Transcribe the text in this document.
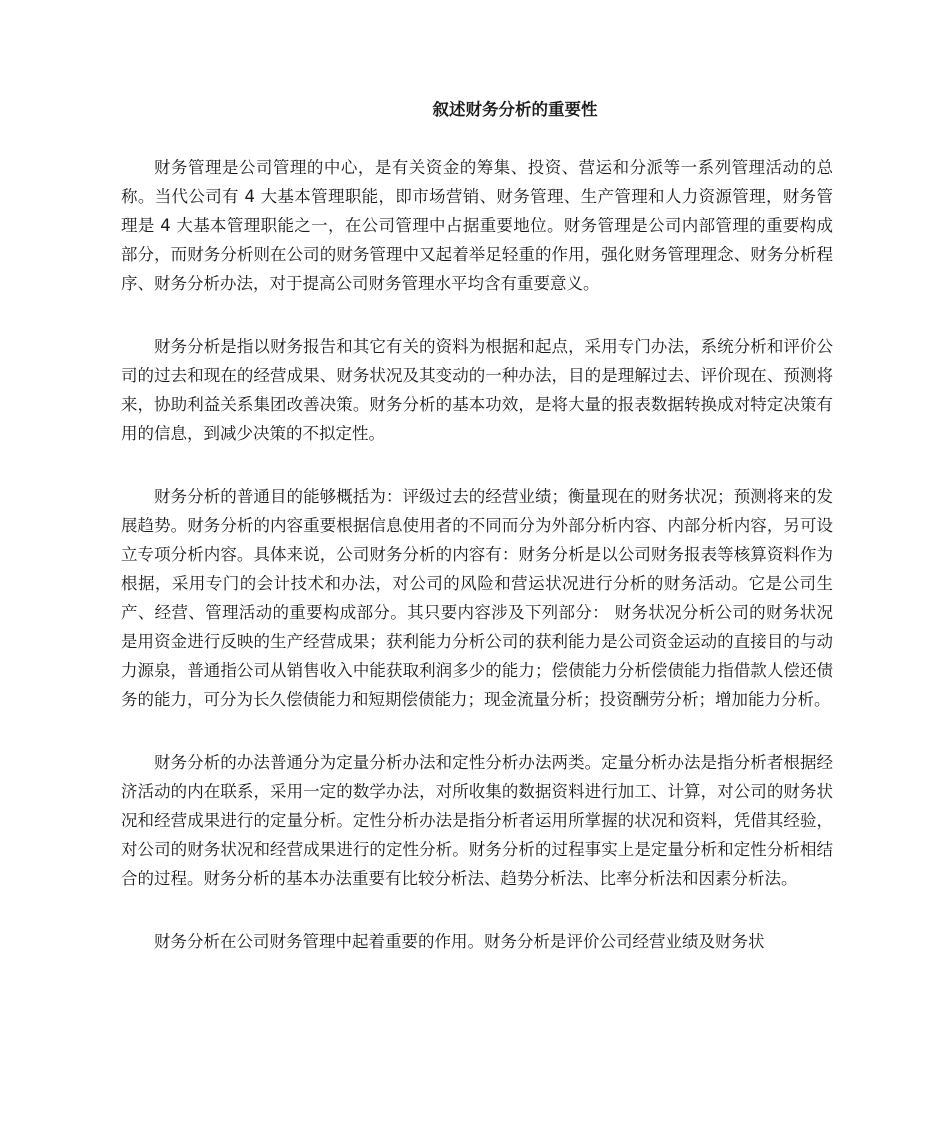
叙述财务分析的重要性

财务管理是公司管理的中心，是有关资金的筹集、投资、营运和分派等一系列管理活动的总称。当代公司有 4 大基本管理职能，即市场营销、财务管理、生产管理和人力资源管理，财务管理是 4 大基本管理职能之一，在公司管理中占据重要地位。财务管理是公司内部管理的重要构成部分，而财务分析则在公司的财务管理中又起着举足轻重的作用，强化财务管理理念、财务分析程序、财务分析办法，对于提高公司财务管理水平均含有重要意义。

财务分析是指以财务报告和其它有关的资料为根据和起点，采用专门办法，系统分析和评价公司的过去和现在的经营成果、财务状况及其变动的一种办法，目的是理解过去、评价现在、预测将来，协助利益关系集团改善决策。财务分析的基本功效，是将大量的报表数据转换成对特定决策有用的信息，到减少决策的不拟定性。

财务分析的普通目的能够概括为：评级过去的经营业绩；衡量现在的财务状况；预测将来的发展趋势。财务分析的内容重要根据信息使用者的不同而分为外部分析内容、内部分析内容，另可设立专项分析内容。具体来说，公司财务分析的内容有：财务分析是以公司财务报表等核算资料作为根据，采用专门的会计技术和办法，对公司的风险和营运状况进行分析的财务活动。它是公司生产、经营、管理活动的重要构成部分。其只要内容涉及下列部分： 财务状况分析公司的财务状况是用资金进行反映的生产经营成果；获利能力分析公司的获利能力是公司资金运动的直接目的与动力源泉，普通指公司从销售收入中能获取利润多少的能力；偿债能力分析偿债能力指借款人偿还债务的能力，可分为长久偿债能力和短期偿债能力；现金流量分析；投资酬劳分析；增加能力分析。

财务分析的办法普通分为定量分析办法和定性分析办法两类。定量分析办法是指分析者根据经济活动的内在联系，采用一定的数学办法，对所收集的数据资料进行加工、计算，对公司的财务状况和经营成果进行的定量分析。定性分析办法是指分析者运用所掌握的状况和资料，凭借其经验，对公司的财务状况和经营成果进行的定性分析。财务分析的过程事实上是定量分析和定性分析相结合的过程。财务分析的基本办法重要有比较分析法、趋势分析法、比率分析法和因素分析法。

财务分析在公司财务管理中起着重要的作用。财务分析是评价公司经营业绩及财务状
